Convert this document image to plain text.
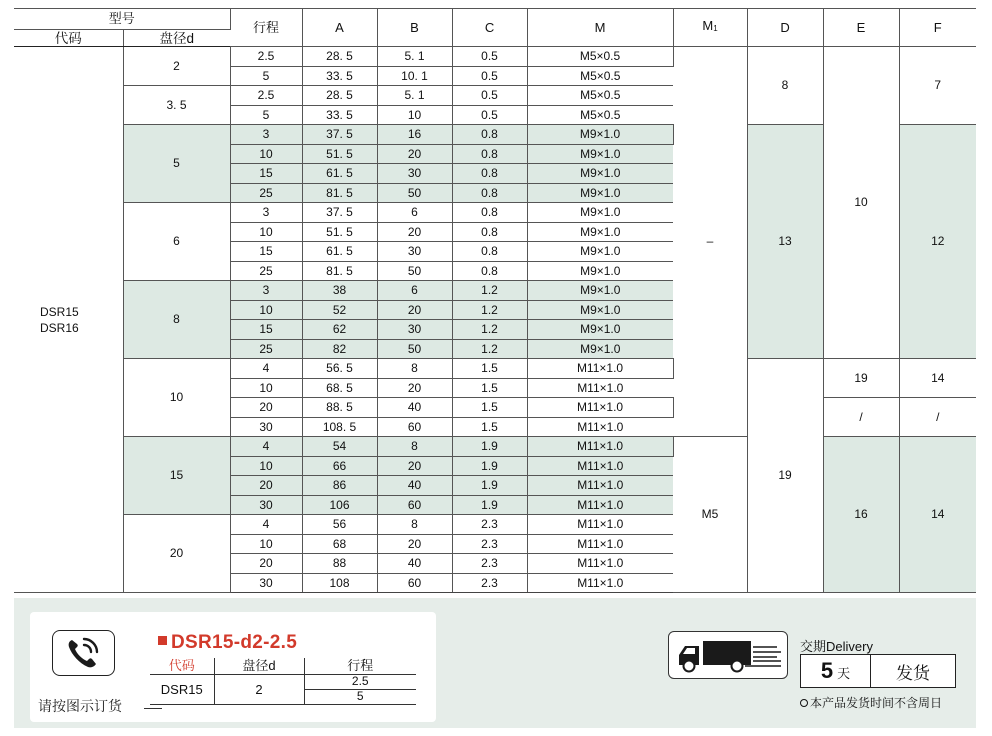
型号		行程	A	B	C	M	M1	D	E	F
代码	盘径d									
DSR15
DSR16	2	2.5	28. 5	5. 1	0.5	M5×0.5	–	8	10	7
		5	33. 5	10. 1	0.5	M5×0.5				
	3. 5	2.5	28. 5	5. 1	0.5	M5×0.5				
		5	33. 5	10	0.5	M5×0.5				
	5	3	37. 5	16	0.8	M9×1.0		13		12
		10	51. 5	20	0.8	M9×1.0				
		15	61. 5	30	0.8	M9×1.0				
		25	81. 5	50	0.8	M9×1.0				
	6	3	37. 5	6	0.8	M9×1.0				
		10	51. 5	20	0.8	M9×1.0				
		15	61. 5	30	0.8	M9×1.0				
		25	81. 5	50	0.8	M9×1.0				
	8	3	38	6	1.2	M9×1.0				
		10	52	20	1.2	M9×1.0				
		15	62	30	1.2	M9×1.0				
		25	82	50	1.2	M9×1.0				
	10	4	56. 5	8	1.5	M11×1.0		19	19	14
		10	68. 5	20	1.5	M11×1.0				
		20	88. 5	40	1.5	M11×1.0			/	/
		30	108. 5	60	1.5	M11×1.0				
	15	4	54	8	1.9	M11×1.0	M5		16	14
		10	66	20	1.9	M11×1.0				
		20	86	40	1.9	M11×1.0				
		30	106	60	1.9	M11×1.0				
	20	4	56	8	2.3	M11×1.0				
		10	68	20	2.3	M11×1.0				
		20	88	40	2.3	M11×1.0				
		30	108	60	2.3	M11×1.0				
请按图示订货
DSR15-d2-2.5
代码	盘径d	行程
DSR15	2	2.5
		5
交期Delivery
5 天	发货
本产品发货时间不含周日
